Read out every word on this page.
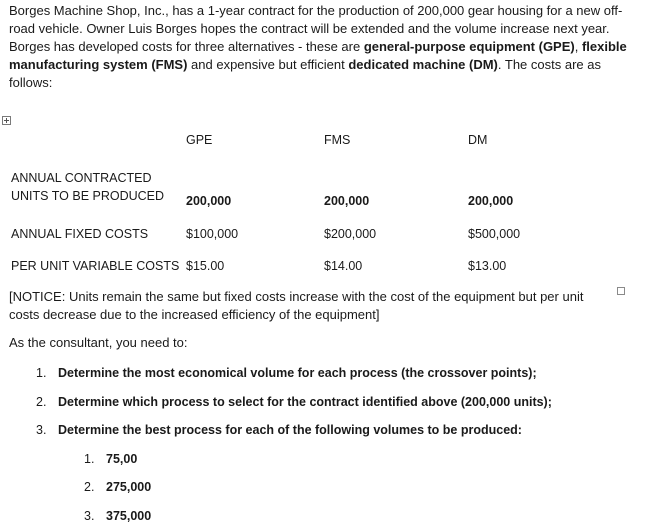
Borges Machine Shop, Inc., has a 1-year contract for the production of 200,000 gear housing for a new off-road vehicle. Owner Luis Borges hopes the contract will be extended and the volume increase next year. Borges has developed costs for three alternatives - these are general-purpose equipment (GPE), flexible manufacturing system (FMS) and expensive but efficient dedicated machine (DM). The costs are as follows:
GPE	FMS	DM
ANNUAL CONTRACTED
UNITS TO BE PRODUCED 200,000	200,000	200,000
ANNUAL FIXED COSTS	$100,000	$200,000	$500,000
PER UNIT VARIABLE COSTS $15.00	$14.00	$13.00
[NOTICE: Units remain the same but fixed costs increase with the cost of the equipment but per unit costs decrease due to the increased efficiency of the equipment]
As the consultant, you need to:
1. Determine the most economical volume for each process (the crossover points);
2. Determine which process to select for the contract identified above (200,000 units);
3. Determine the best process for each of the following volumes to be produced:
1. 75,00
2. 275,000
3. 375,000
